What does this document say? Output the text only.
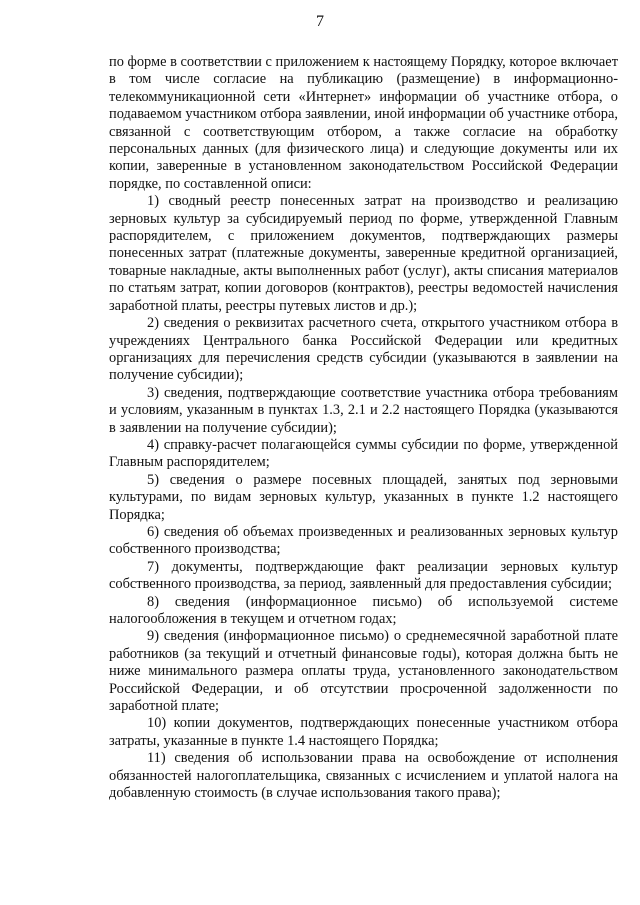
7

по форме в соответствии с приложением к настоящему Порядку, которое включает в том числе согласие на публикацию (размещение) в информационно-телекоммуникационной сети «Интернет» информации об участнике отбора, о подаваемом участником отбора заявлении, иной информации об участнике отбора, связанной с соответствующим отбором, а также согласие на обработку персональных данных (для физического лица) и следующие документы или их копии, заверенные в установленном законодательством Российской Федерации порядке, по составленной описи:

1) сводный реестр понесенных затрат на производство и реализацию зерновых культур за субсидируемый период по форме, утвержденной Главным распорядителем, с приложением документов, подтверждающих размеры понесенных затрат (платежные документы, заверенные кредитной организацией, товарные накладные, акты выполненных работ (услуг), акты списания материалов по статьям затрат, копии договоров (контрактов), реестры ведомостей начисления заработной платы, реестры путевых листов и др.);

2) сведения о реквизитах расчетного счета, открытого участником отбора в учреждениях Центрального банка Российской Федерации или кредитных организациях для перечисления средств субсидии (указываются в заявлении на получение субсидии);

3) сведения, подтверждающие соответствие участника отбора требованиям и условиям, указанным в пунктах 1.3, 2.1 и 2.2 настоящего Порядка (указываются в заявлении на получение субсидии);

4) справку-расчет полагающейся суммы субсидии по форме, утвержденной Главным распорядителем;

5) сведения о размере посевных площадей, занятых под зерновыми культурами, по видам зерновых культур, указанных в пункте 1.2 настоящего Порядка;

6) сведения об объемах произведенных и реализованных зерновых культур собственного производства;

7) документы, подтверждающие факт реализации зерновых культур собственного производства, за период, заявленный для предоставления субсидии;

8) сведения (информационное письмо) об используемой системе налогообложения в текущем и отчетном годах;

9) сведения (информационное письмо) о среднемесячной заработной плате работников (за текущий и отчетный финансовые годы), которая должна быть не ниже минимального размера оплаты труда, установленного законодательством Российской Федерации, и об отсутствии просроченной задолженности по заработной плате;

10) копии документов, подтверждающих понесенные участником отбора затраты, указанные в пункте 1.4 настоящего Порядка;

11) сведения об использовании права на освобождение от исполнения обязанностей налогоплательщика, связанных с исчислением и уплатой налога на добавленную стоимость (в случае использования такого права);
